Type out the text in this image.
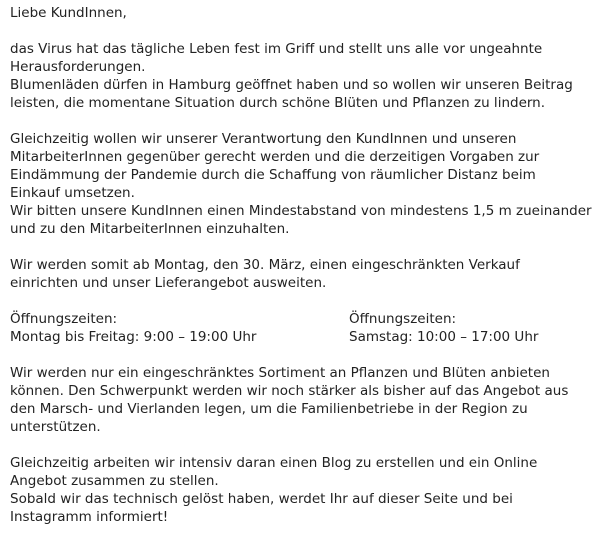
Liebe KundInnen,

das Virus hat das tägliche Leben fest im Griff und stellt uns alle vor ungeahnte

Herausforderungen.

Blumenläden dürfen in Hamburg geöffnet haben und so wollen wir unseren Beitrag

leisten, die momentane Situation durch schöne Blüten und Pflanzen zu lindern.

Gleichzeitig wollen wir unserer Verantwortung den KundInnen und unseren

MitarbeiterInnen gegenüber gerecht werden und die derzeitigen Vorgaben zur

Eindämmung der Pandemie durch die Schaffung von räumlicher Distanz beim

Einkauf umsetzen.

Wir bitten unsere KundInnen einen Mindestabstand von mindestens 1,5 m zueinander

und zu den MitarbeiterInnen einzuhalten.

Wir werden somit ab Montag, den 30. März, einen eingeschränkten Verkauf

einrichten und unser Lieferangebot ausweiten.

Öffnungszeiten:
Montag bis Freitag: 9:00 – 19:00 Uhr
Öffnungszeiten:
Samstag: 10:00 – 17:00 Uhr

Wir werden nur ein eingeschränktes Sortiment an Pflanzen und Blüten anbieten

können. Den Schwerpunkt werden wir noch stärker als bisher auf das Angebot aus

den Marsch- und Vierlanden legen, um die Familienbetriebe in der Region zu

unterstützen.

Gleichzeitig arbeiten wir intensiv daran einen Blog zu erstellen und ein Online

Angebot zusammen zu stellen.

Sobald wir das technisch gelöst haben, werdet Ihr auf dieser Seite und bei

Instagramm informiert!
